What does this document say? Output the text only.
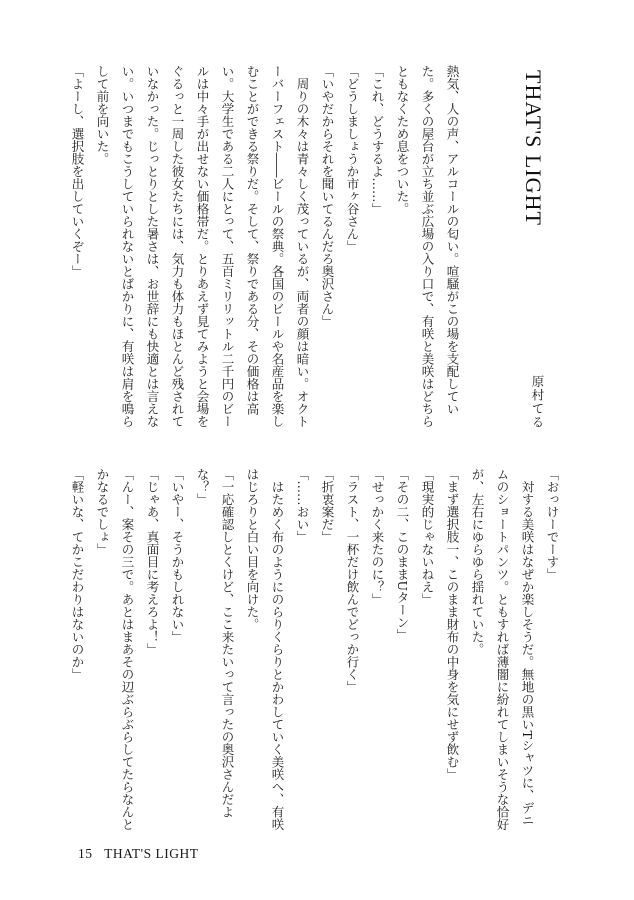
THAT'S LIGHT
原村てる
熱気、人の声、アルコールの匂い。喧騒がこの場を支配してい
た。多くの屋台が立ち並ぶ広場の入り口で、有咲と美咲はどちら
ともなくため息をついた。
「これ、どうするよ……」
「どうしましょうか市ヶ谷さん」
「いやだからそれを聞いてるんだろ奥沢さん」
　周りの木々は青々しく茂っているが、両者の顔は暗い。オクト
ーバーフェスト――ビールの祭典。各国のビールや名産品を楽し
むことができる祭りだ。そして、祭りである分、その価格は高
い。大学生である二人にとって、五百ミリリットル二千円のビー
ルは中々手が出せない価格帯だ。とりあえず見てみようと会場を
ぐるっと一周した彼女たちには、気力も体力もほとんど残されて
いなかった。じっとりとした暑さは、お世辞にも快適とは言えな
い。いつまでもこうしていられないとばかりに、有咲は肩を鳴ら
して前を向いた。
「よーし、選択肢を出していくぞー」
「おっけーでーす」
　対する美咲はなぜか楽しそうだ。無地の黒いTシャツに、デニ
ムのショートパンツ。ともすれば薄闇に紛れてしまいそうな恰好
が、左右にゆらゆら揺れていた。
「まず選択肢一、このまま財布の中身を気にせず飲む」
「現実的じゃないねえ」
「その二、このままUターン」
「せっかく来たのに？」
「ラスト、一杯だけ飲んでどっか行く」
「折衷案だ」
「……おい」
　はためく布のようにのらりくらりとかわしていく美咲へ、有咲
はじろりと白い目を向けた。
「一応確認しとくけど、ここ来たいって言ったの奥沢さんだよ
な？」
「いやー、そうかもしれない」
「じゃあ、真面目に考えろよ！」
「んー、案その三で。あとはまあその辺ぶらぶらしてたらなんと
かなるでしょ」
「軽いな、てかこだわりはないのか」
15 THAT'S LIGHT
